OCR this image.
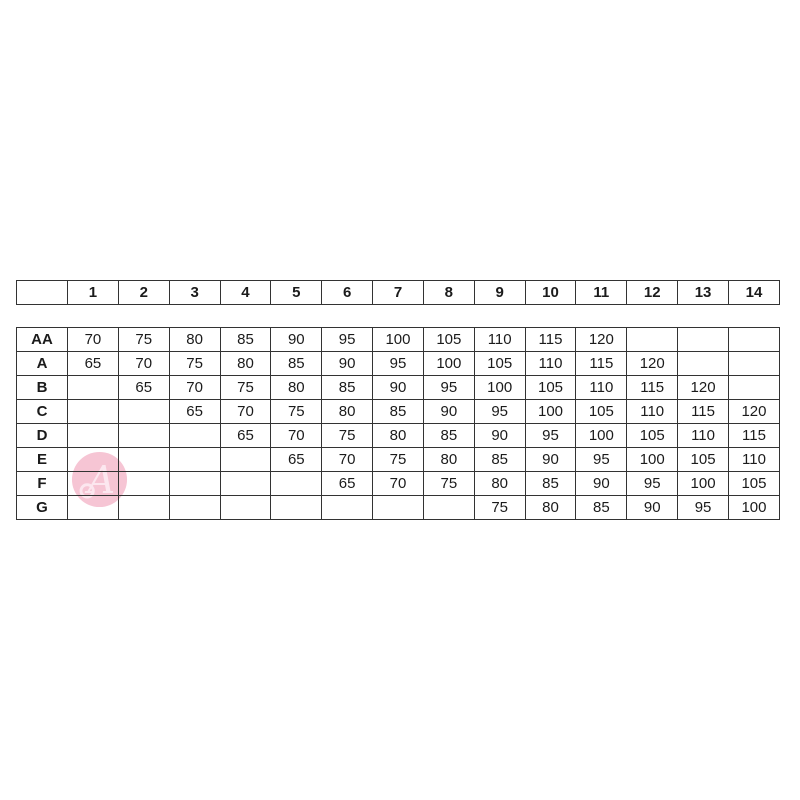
A
	1	2	3	4	5	6	7	8	9	10	11	12	13	14
AA	70	75	80	85	90	95	100	105	110	115	120			
A	65	70	75	80	85	90	95	100	105	110	115	120		
B		65	70	75	80	85	90	95	100	105	110	115	120	
C			65	70	75	80	85	90	95	100	105	110	115	120
D				65	70	75	80	85	90	95	100	105	110	115
E					65	70	75	80	85	90	95	100	105	110
F						65	70	75	80	85	90	95	100	105
G									75	80	85	90	95	100
